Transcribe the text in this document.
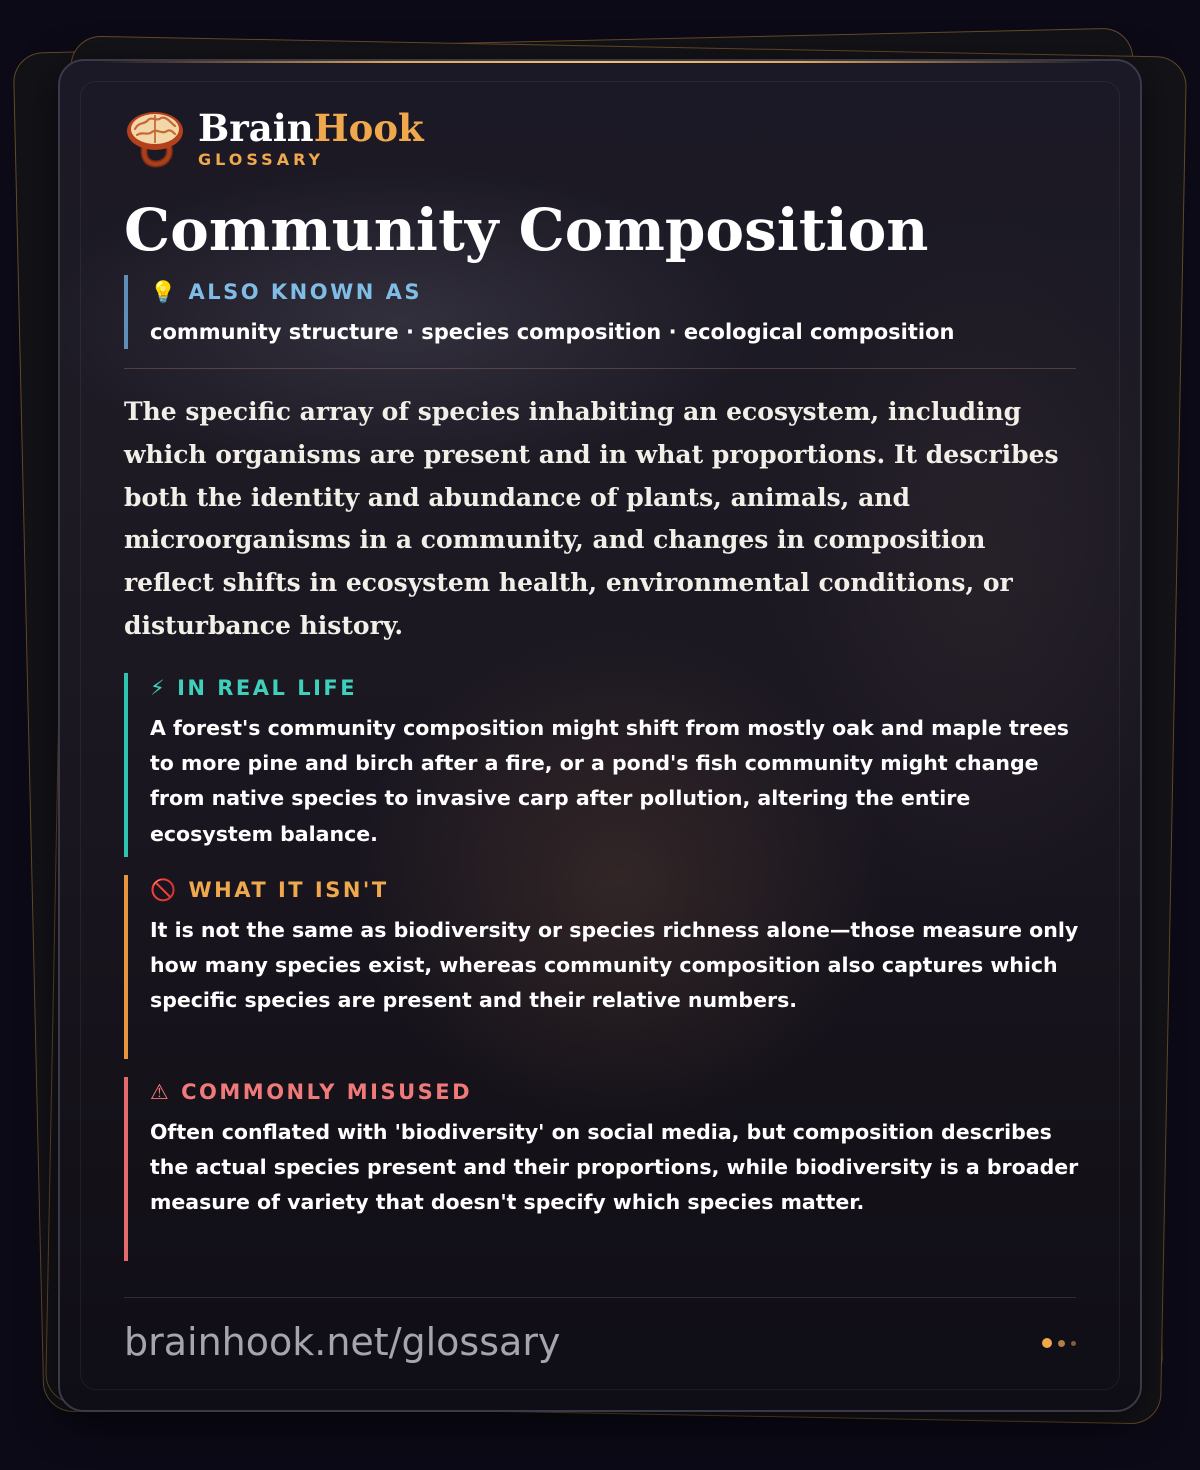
BrainHook
GLOSSARY
Community Composition
💡 ALSO KNOWN AS
community structure · species composition · ecological composition

The specific array of species inhabiting an ecosystem, including which organisms are present and in what proportions. It describes both the identity and abundance of plants, animals, and microorganisms in a community, and changes in composition reflect shifts in ecosystem health, environmental conditions, or disturbance history.

⚡ IN REAL LIFE
A forest's community composition might shift from mostly oak and maple trees to more pine and birch after a fire, or a pond's fish community might change from native species to invasive carp after pollution, altering the entire ecosystem balance.
🚫 WHAT IT ISN'T
It is not the same as biodiversity or species richness alone—those measure only how many species exist, whereas community composition also captures which specific species are present and their relative numbers.
⚠ COMMONLY MISUSED
Often conflated with 'biodiversity' on social media, but composition describes the actual species present and their proportions, while biodiversity is a broader measure of variety that doesn't specify which species matter.
brainhook.net/glossary
